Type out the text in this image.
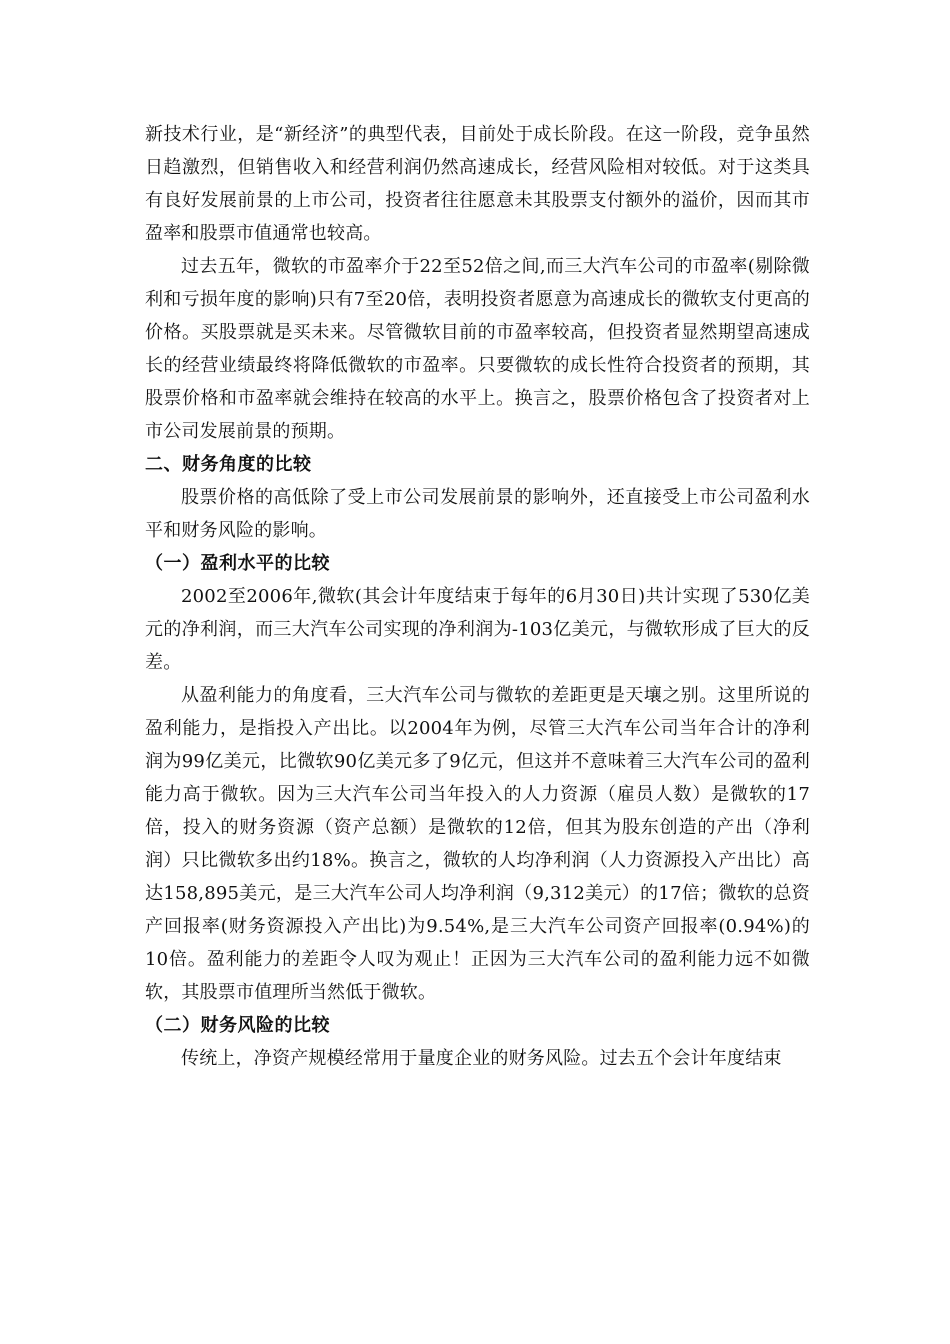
新技术行业，是“新经济”的典型代表，目前处于成长阶段。在这一阶段，竞争虽然日趋激烈，但销售收入和经营利润仍然高速成长，经营风险相对较低。对于这类具有良好发展前景的上市公司，投资者往往愿意未其股票支付额外的溢价，因而其市盈率和股票市值通常也较高。

过去五年，微软的市盈率介于22至52倍之间,而三大汽车公司的市盈率(剔除微利和亏损年度的影响)只有7至20倍，表明投资者愿意为高速成长的微软支付更高的价格。买股票就是买未来。尽管微软目前的市盈率较高，但投资者显然期望高速成长的经营业绩最终将降低微软的市盈率。只要微软的成长性符合投资者的预期，其股票价格和市盈率就会维持在较高的水平上。换言之，股票价格包含了投资者对上市公司发展前景的预期。

二、财务角度的比较

股票价格的高低除了受上市公司发展前景的影响外，还直接受上市公司盈利水平和财务风险的影响。

（一）盈利水平的比较

2002至2006年,微软(其会计年度结束于每年的6月30日)共计实现了530亿美元的净利润，而三大汽车公司实现的净利润为-103亿美元，与微软形成了巨大的反差。

从盈利能力的角度看，三大汽车公司与微软的差距更是天壤之别。这里所说的盈利能力，是指投入产出比。以2004年为例，尽管三大汽车公司当年合计的净利润为99亿美元，比微软90亿美元多了9亿元，但这并不意味着三大汽车公司的盈利能力高于微软。因为三大汽车公司当年投入的人力资源（雇员人数）是微软的17倍，投入的财务资源（资产总额）是微软的12倍，但其为股东创造的产出（净利润）只比微软多出约18%。换言之，微软的人均净利润（人力资源投入产出比）高达158,895美元，是三大汽车公司人均净利润（9,312美元）的17倍；微软的总资产回报率(财务资源投入产出比)为9.54%,是三大汽车公司资产回报率(0.94%)的10倍。盈利能力的差距令人叹为观止！正因为三大汽车公司的盈利能力远不如微软，其股票市值理所当然低于微软。

（二）财务风险的比较

传统上，净资产规模经常用于量度企业的财务风险。过去五个会计年度结束
